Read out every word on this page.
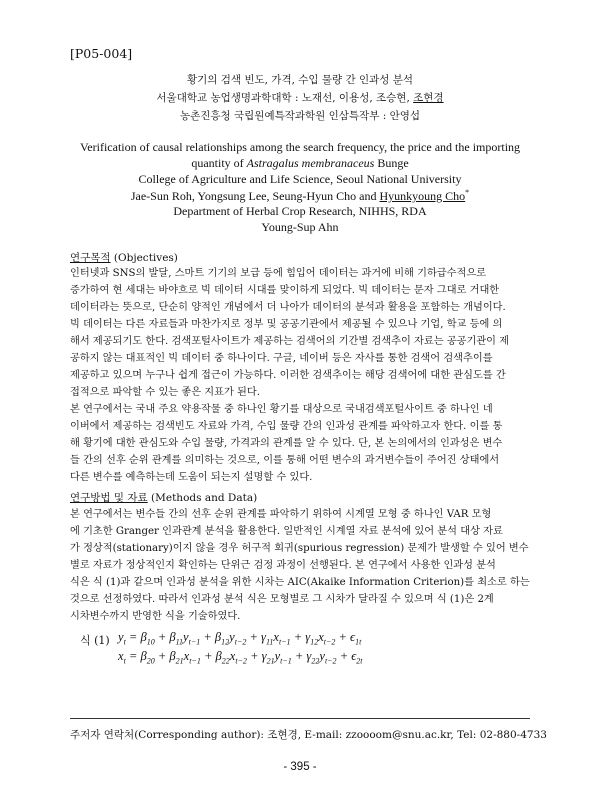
[P05-004]
황기의 검색 빈도, 가격, 수입 물량 간 인과성 분석
서울대학교 농업생명과학대학 : 노재선, 이용성, 조승현, 조현경
농촌진흥청 국립원예특작과학원 인삼특작부 : 안영섭
Verification of causal relationships among the search frequency, the price and the importing
quantity of Astragalus membranaceus Bunge
College of Agriculture and Life Science, Seoul National University
Jae-Sun Roh, Yongsung Lee, Seung-Hyun Cho and Hyunkyoung Cho*
Department of Herbal Crop Research, NIHHS, RDA
Young-Sup Ahn
연구목적 (Objectives)
인터넷과 SNS의 발달, 스마트 기기의 보급 등에 힘입어 데이터는 과거에 비해 기하급수적으로
증가하여 현 세대는 바야흐로 빅 데이터 시대를 맞이하게 되었다. 빅 데이터는 문자 그대로 거대한
데이터라는 뜻으로, 단순히 양적인 개념에서 더 나아가 데이터의 분석과 활용을 포함하는 개념이다.
빅 데이터는 다른 자료들과 마찬가지로 정부 및 공공기관에서 제공될 수 있으나 기업, 학교 등에 의
해서 제공되기도 한다. 검색포털사이트가 제공하는 검색어의 기간별 검색추이 자료는 공공기관이 제
공하지 않는 대표적인 빅 데이터 중 하나이다. 구글, 네이버 등은 자사를 통한 검색어 검색추이를
제공하고 있으며 누구나 쉽게 접근이 가능하다. 이러한 검색추이는 해당 검색어에 대한 관심도를 간
접적으로 파악할 수 있는 좋은 지표가 된다.
본 연구에서는 국내 주요 약용작물 중 하나인 황기를 대상으로 국내검색포털사이트 중 하나인 네
이버에서 제공하는 검색빈도 자료와 가격, 수입 물량 간의 인과성 관계를 파악하고자 한다. 이를 통
해 황기에 대한 관심도와 수입 물량, 가격과의 관계를 알 수 있다. 단, 본 논의에서의 인과성은 변수
들 간의 선후 순위 관계를 의미하는 것으로, 이를 통해 어떤 변수의 과거변수들이 주어진 상태에서
다른 변수를 예측하는데 도움이 되는지 설명할 수 있다.
연구방법 및 자료 (Methods and Data)
본 연구에서는 변수들 간의 선후 순위 관계를 파악하기 위하여 시계열 모형 중 하나인 VAR 모형
에 기초한 Granger 인과관계 분석을 활용한다. 일반적인 시계열 자료 분석에 있어 분석 대상 자료
가 정상적(stationary)이지 않을 경우 허구적 회귀(spurious regression) 문제가 발생할 수 있어 변수
별로 자료가 정상적인지 확인하는 단위근 검정 과정이 선행된다. 본 연구에서 사용한 인과성 분석
식은 식 (1)과 같으며 인과성 분석을 위한 시차는 AIC(Akaike Information Criterion)를 최소로 하는
것으로 선정하였다. 따라서 인과성 분석 식은 모형별로 그 시차가 달라질 수 있으며 식 (1)은 2계
시차변수까지 반영한 식을 기술하였다.
식 (1) $y_t = \beta_{10} + \beta_{11}y_{t-1} + \beta_{12}y_{t-2} + \gamma_{11}x_{t-1} + \gamma_{12}x_{t-2} + \epsilon_{1t}$
$x_t = \beta_{20} + \beta_{21}x_{t-1} + \beta_{22}x_{t-2} + \gamma_{21}y_{t-1} + \gamma_{22}y_{t-2} + \epsilon_{2t}$
주저자 연락처(Corresponding author): 조현경, E-mail: zzoooom@snu.ac.kr, Tel: 02-880-4733
- 395 -
